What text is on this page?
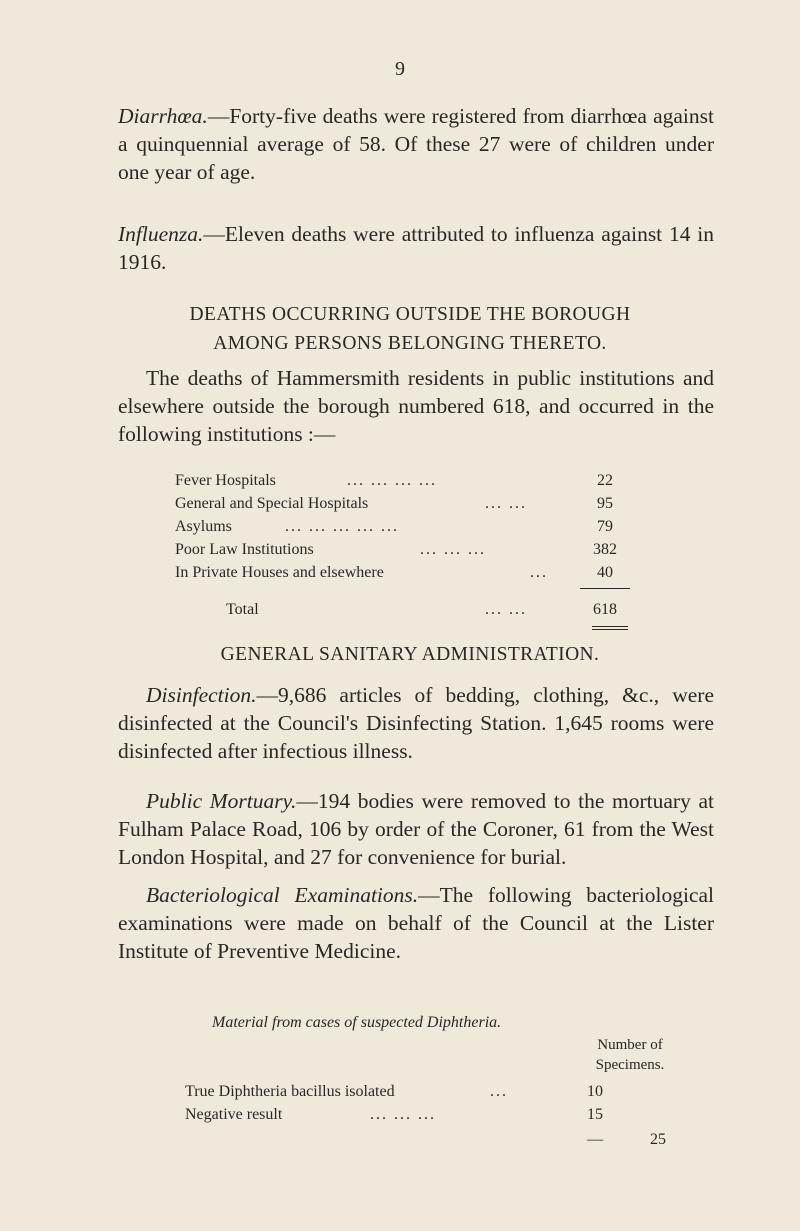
9

Diarrhœa.—Forty-five deaths were registered from diarrhœa against a quinquennial average of 58. Of these 27 were of children under one year of age.

Influenza.—Eleven deaths were attributed to influenza against 14 in 1916.

DEATHS OCCURRING OUTSIDE THE BOROUGH
AMONG PERSONS BELONGING THERETO.

The deaths of Hammersmith residents in public institutions and elsewhere outside the borough numbered 618, and occurred in the following institutions :—

Fever Hospitals	... ... ... ...	22
General and Special Hospitals	... ...	95
Asylums	... ... ... ... ...	79
Poor Law Institutions	... ... ...	382
In Private Houses and elsewhere	...	40
Total	... ...	618
GENERAL SANITARY ADMINISTRATION.

Disinfection.—9,686 articles of bedding, clothing, &c., were disinfected at the Council's Disinfecting Station. 1,645 rooms were disinfected after infectious illness.

Public Mortuary.—194 bodies were removed to the mortuary at Fulham Palace Road, 106 by order of the Coroner, 61 from the West London Hospital, and 27 for convenience for burial.

Bacteriological Examinations.—The following bacteriological examinations were made on behalf of the Council at the Lister Institute of Preventive Medicine.

Material from cases of suspected Diphtheria.
Number of
Specimens.
True Diphtheria bacillus isolated	...	10
Negative result	... ... ...	15
—	25
